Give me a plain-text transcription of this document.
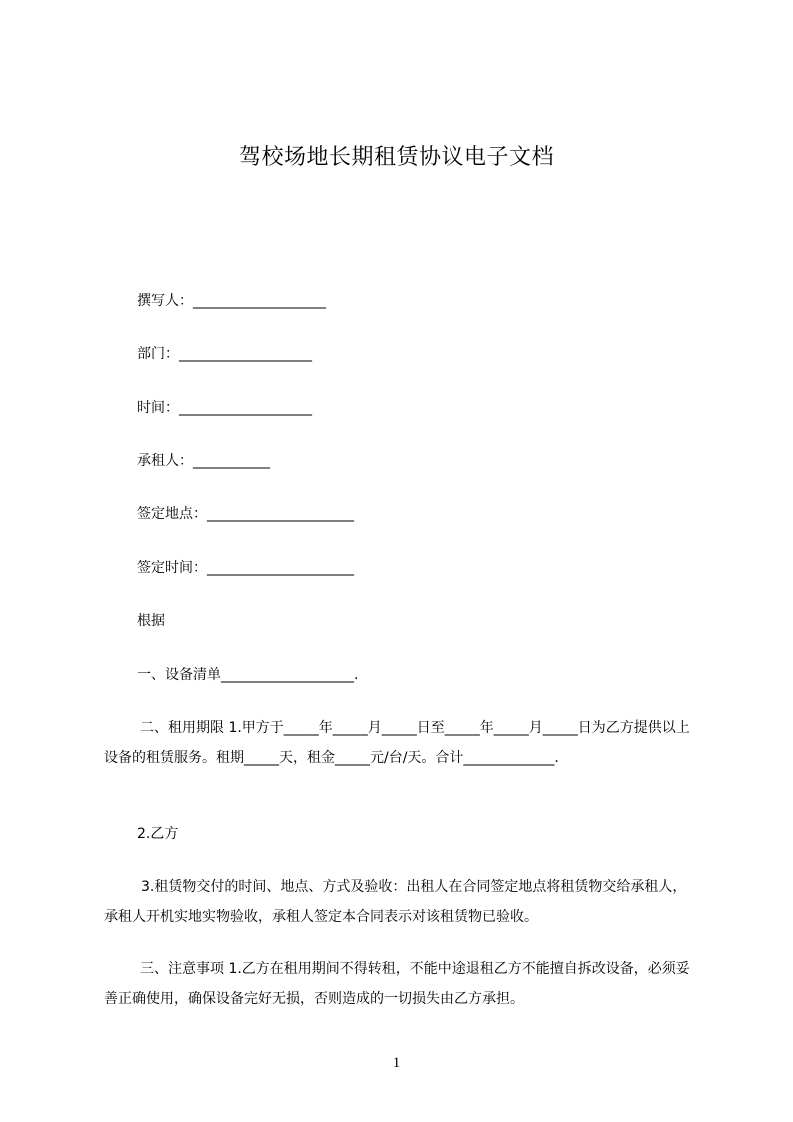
驾校场地长期租赁协议电子文档
撰写人：___________________
部门：___________________
时间：___________________
承租人：___________
签定地点：_____________________
签定时间：_____________________
根据
一、设备清单___________________.
二、租用期限 1.甲方于_____年_____月_____日至_____年_____月_____日为乙方提供以上设备的租赁服务。租期_____天，租金_____元/台/天。合计_____________.
2.乙方
3.租赁物交付的时间、地点、方式及验收：出租人在合同签定地点将租赁物交给承租人，承租人开机实地实物验收，承租人签定本合同表示对该租赁物已验收。
三、注意事项 1.乙方在租用期间不得转租，不能中途退租乙方不能擅自拆改设备，必须妥善正确使用，确保设备完好无损，否则造成的一切损失由乙方承担。
1
